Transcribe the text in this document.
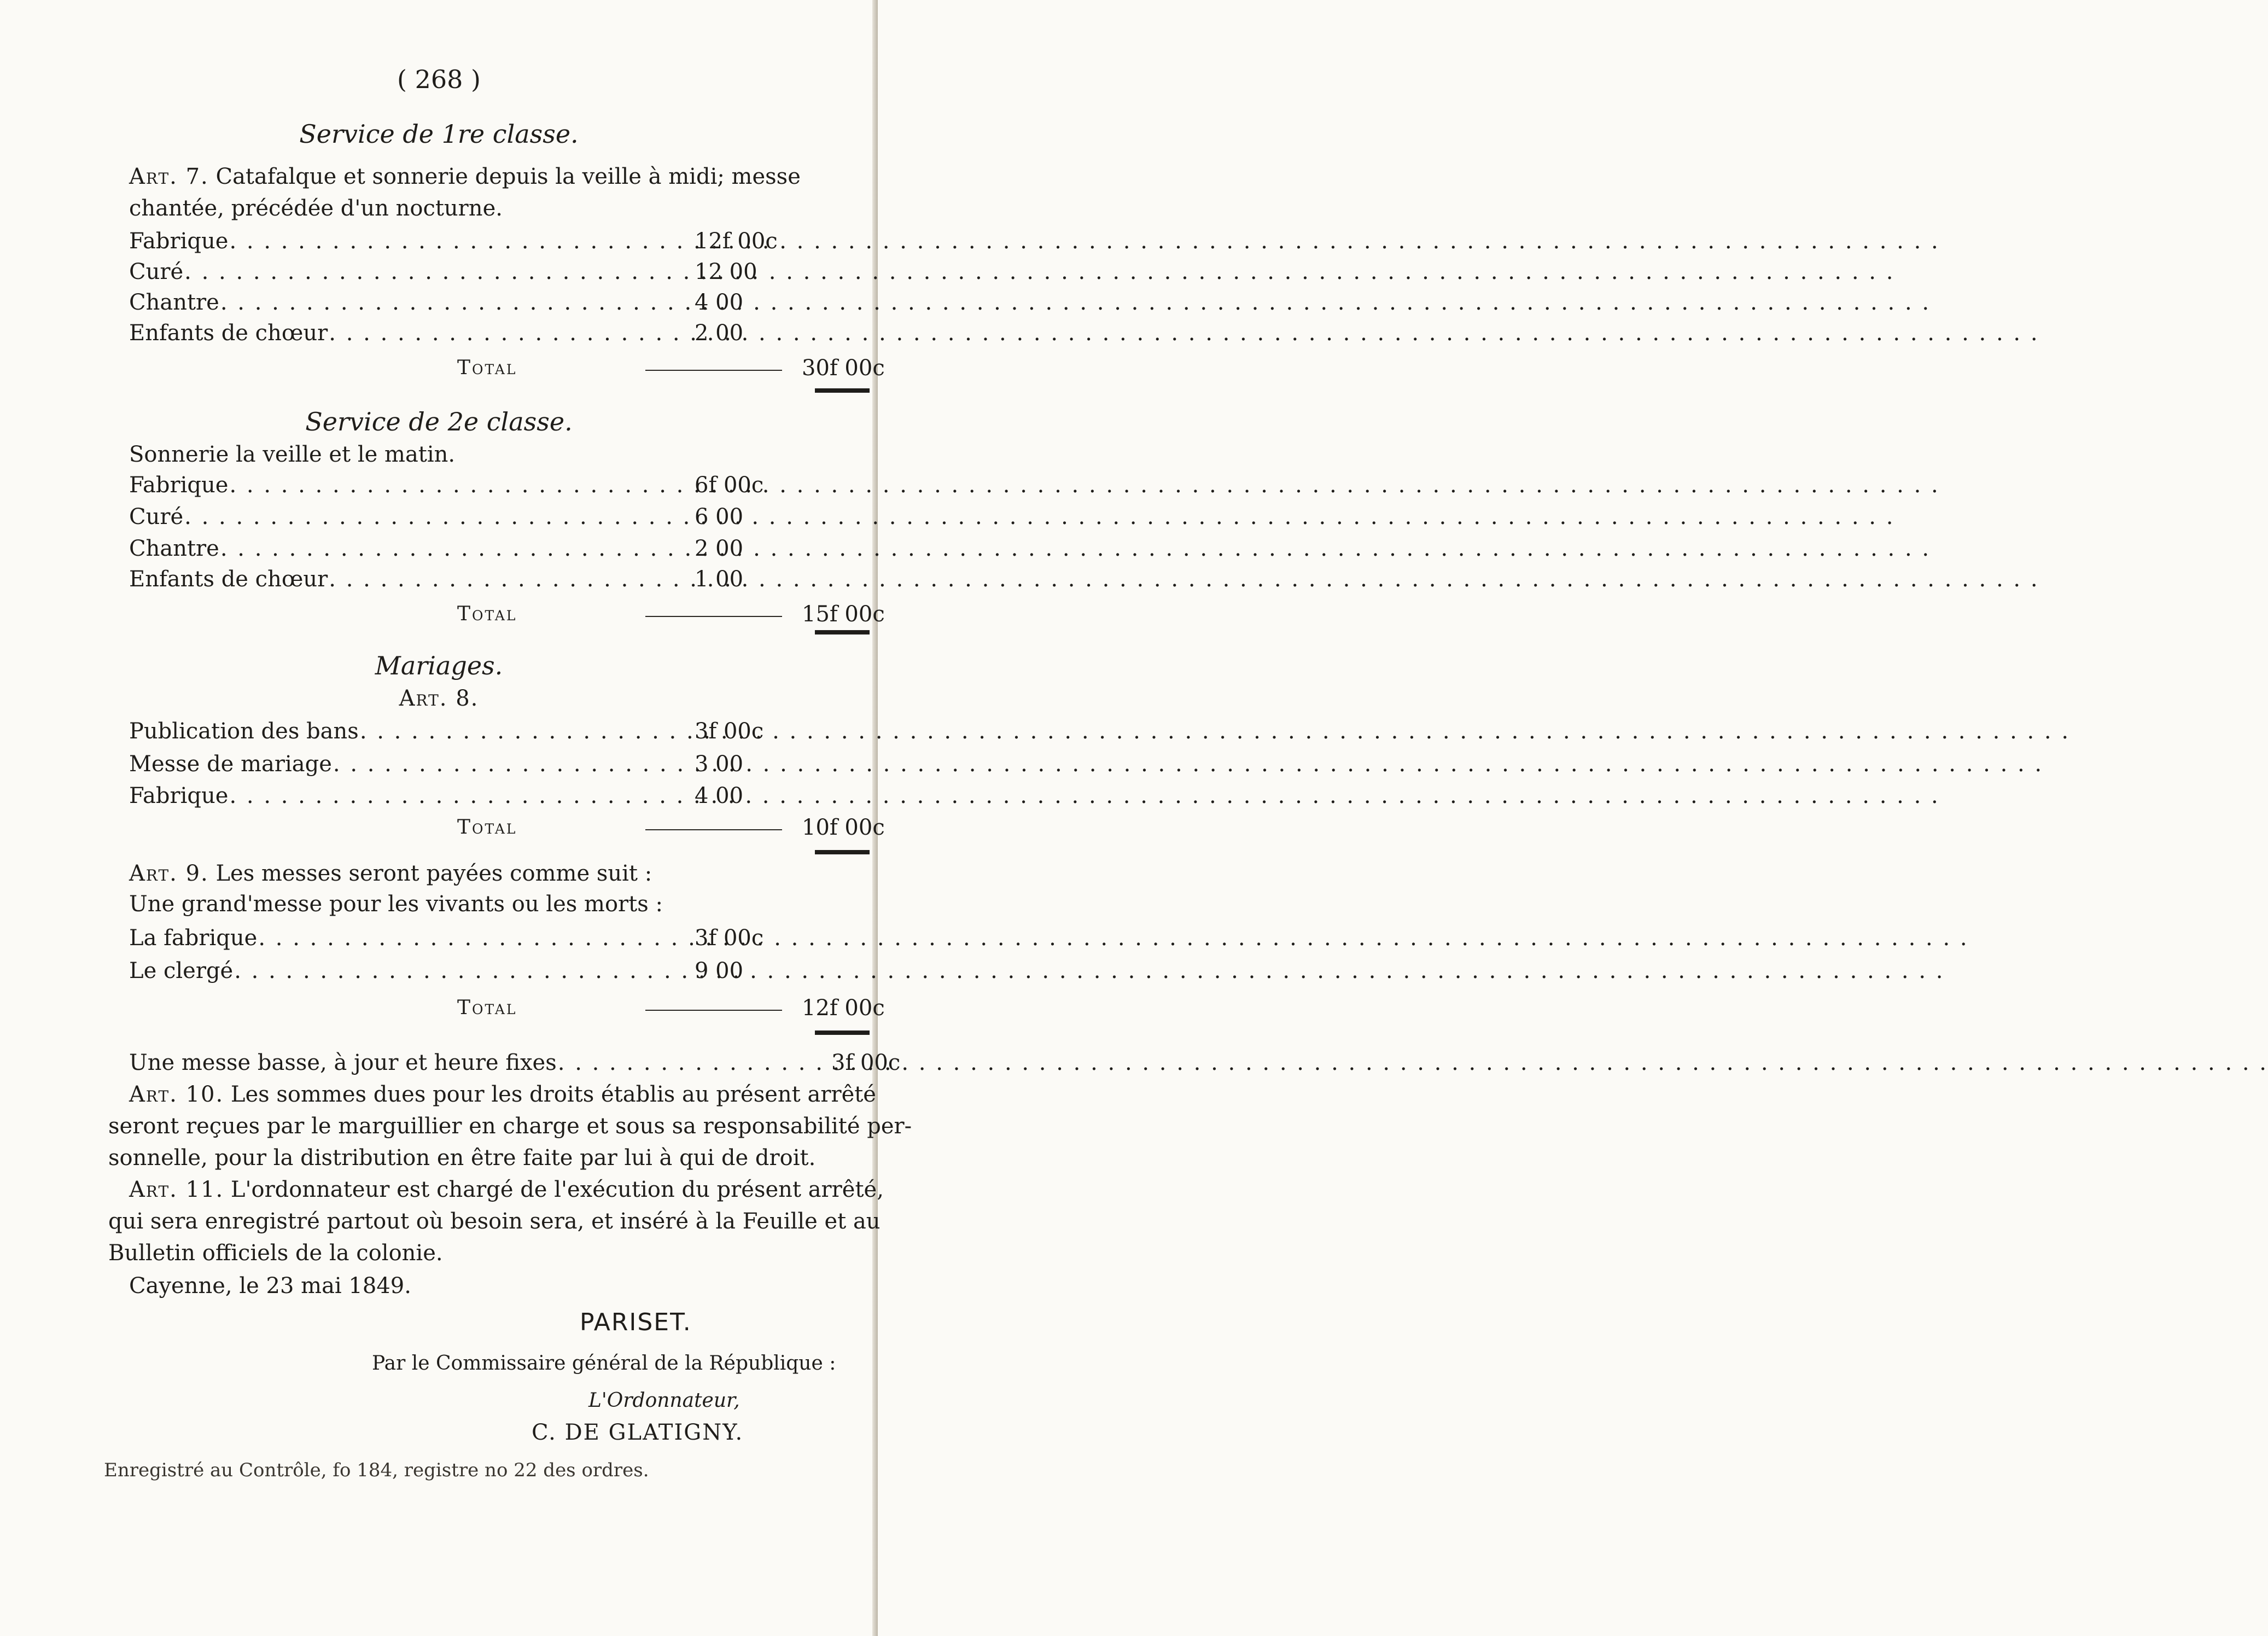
( 268 )
Service de 1re classe.
Art. 7. Catafalque et sonnerie depuis la veille à midi; messe
chantée, précédée d'un nocturne.
Fabrique . . .	12f 00c
Curé . . .	12 00
Chantre . . .	4 00
Enfants de chœur . . .	2 00
Total	30f 00c
Service de 2e classe.
Sonnerie la veille et le matin.
Fabrique . . .	6f 00c
Curé . . .	6 00
Chantre . . .	2 00
Enfants de chœur . . .	1 00
Total	15f 00c
Mariages.
Art. 8.
Publication des bans . . .	3f 00c
Messe de mariage . . .	3 00
Fabrique . . .	4 00
Total	10f 00c
Art. 9. Les messes seront payées comme suit :
Une grand'messe pour les vivants ou les morts :
La fabrique . . .	3f 00c
Le clergé . . .	9 00
Total	12f 00c
Une messe basse, à jour et heure fixes . . .	3f 00c
Art. 10. Les sommes dues pour les droits établis au présent arrêté
seront reçues par le marguillier en charge et sous sa responsabilité per-
sonnelle, pour la distribution en être faite par lui à qui de droit.
Art. 11. L'ordonnateur est chargé de l'exécution du présent arrêté,
qui sera enregistré partout où besoin sera, et inséré à la Feuille et au
Bulletin officiels de la colonie.
Cayenne, le 23 mai 1849.
PARISET.
Par le Commissaire général de la République :
L'Ordonnateur,
C. DE GLATIGNY.
Enregistré au Contrôle, fo 184, registre no 22 des ordres.
